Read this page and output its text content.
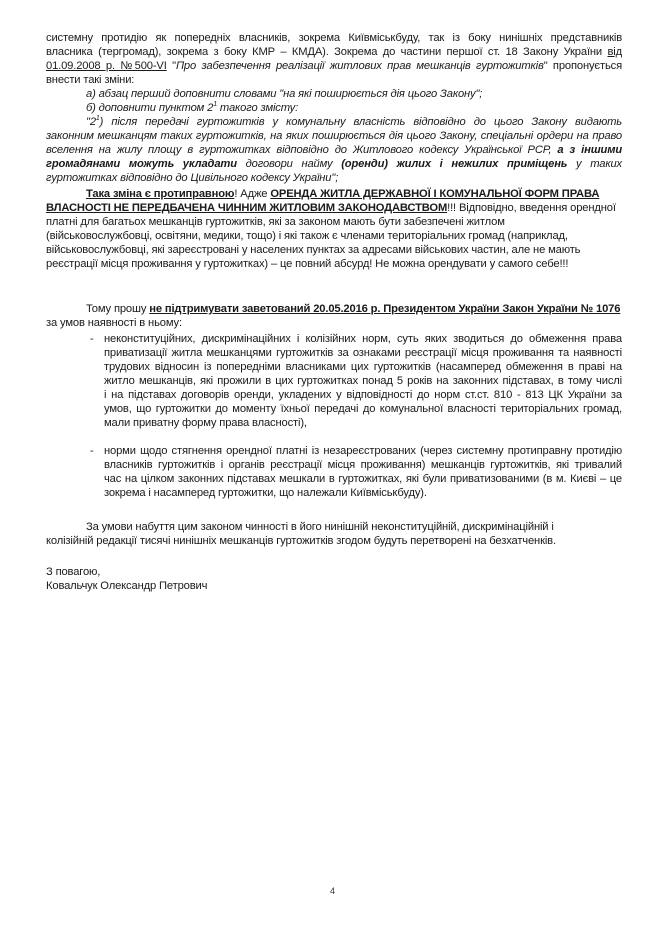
системну протидію як попередніх власників, зокрема Київміськбуду, так із боку нинішніх представників
власника (тергромад), зокрема з боку КМР – КМДА). Зокрема до частини першої ст. 18 Закону України від
01.09.2008 р. №500-VI "Про забезпечення реалізації житлових прав мешканців гуртожитків" пропонується
внести такі зміни:
а) абзац перший доповнити словами "на які поширюється дія цього Закону";
б) доповнити пунктом $2^1$ такого змісту:
"$2^1$) після передачі гуртожитків у комунальну власність відповідно до цього Закону видають
законним мешканцям таких гуртожитків, на яких поширюється дія цього Закону, спеціальні ордери на право
вселення на жилу площу в гуртожитках відповідно до Житлового кодексу Української РСР, а з іншими
громадянами можуть укладати договори найму (оренди) жилих і нежилих приміщень у таких
гуртожитках відповідно до Цивільного кодексу України";
Така зміна є протиправною! Адже ОРЕНДА ЖИТЛА ДЕРЖАВНОЇ І КОМУНАЛЬНОЇ ФОРМ ПРАВА
ВЛАСНОСТІ НЕ ПЕРЕДБАЧЕНА ЧИННИМ ЖИТЛОВИМ ЗАКОНОДАВСТВОМ!!! Відповідно, введення орендної
платні для багатьох мешканців гуртожитків, які за законом мають бути забезпечені житлом
(військовослужбовці, освітяни, медики, тощо) і які також є членами територіальних громад (наприклад,
військовослужбовці, які зареєстровані у населених пунктах за адресами військових частин, але не мають
реєстрації місця проживання у гуртожитках) – це повний абсурд! Не можна орендувати у самого себе!!!
Тому прошу не підтримувати заветований 20.05.2016 р. Президентом України Закон України № 1076
за умов наявності в ньому:
- неконституційних, дискримінаційних і колізійних норм, суть яких зводиться до обмеження права
приватизації житла мешканцями гуртожитків за ознаками реєстрації місця проживання та наявності
трудових відносин із попередніми власниками цих гуртожитків (насамперед обмеження в праві на
житло мешканців, які прожили в цих гуртожитках понад 5 років на законних підставах, в тому числі
і на підставах договорів оренди, укладених у відповідності до норм ст.ст. 810 - 813 ЦК України за
умов, що гуртожитки до моменту їхньої передачі до комунальної власності територіальних громад,
мали приватну форму права власності),
- норми щодо стягнення орендної платні із незареєстрованих (через системну протиправну протидію
власників гуртожитків і органів реєстрації місця проживання) мешканців гуртожитків, які тривалий
час на цілком законних підставах мешкали в гуртожитках, які були приватизованими (в м. Києві – це
зокрема і насамперед гуртожитки, що належали Київміськбуду).
За умови набуття цим законом чинності в його нинішній неконституційній, дискримінаційній і
колізійній редакції тисячі нинішніх мешканців гуртожитків згодом будуть перетворені на безхатченків.
З повагою,
Ковальчук Олександр Петрович
4
